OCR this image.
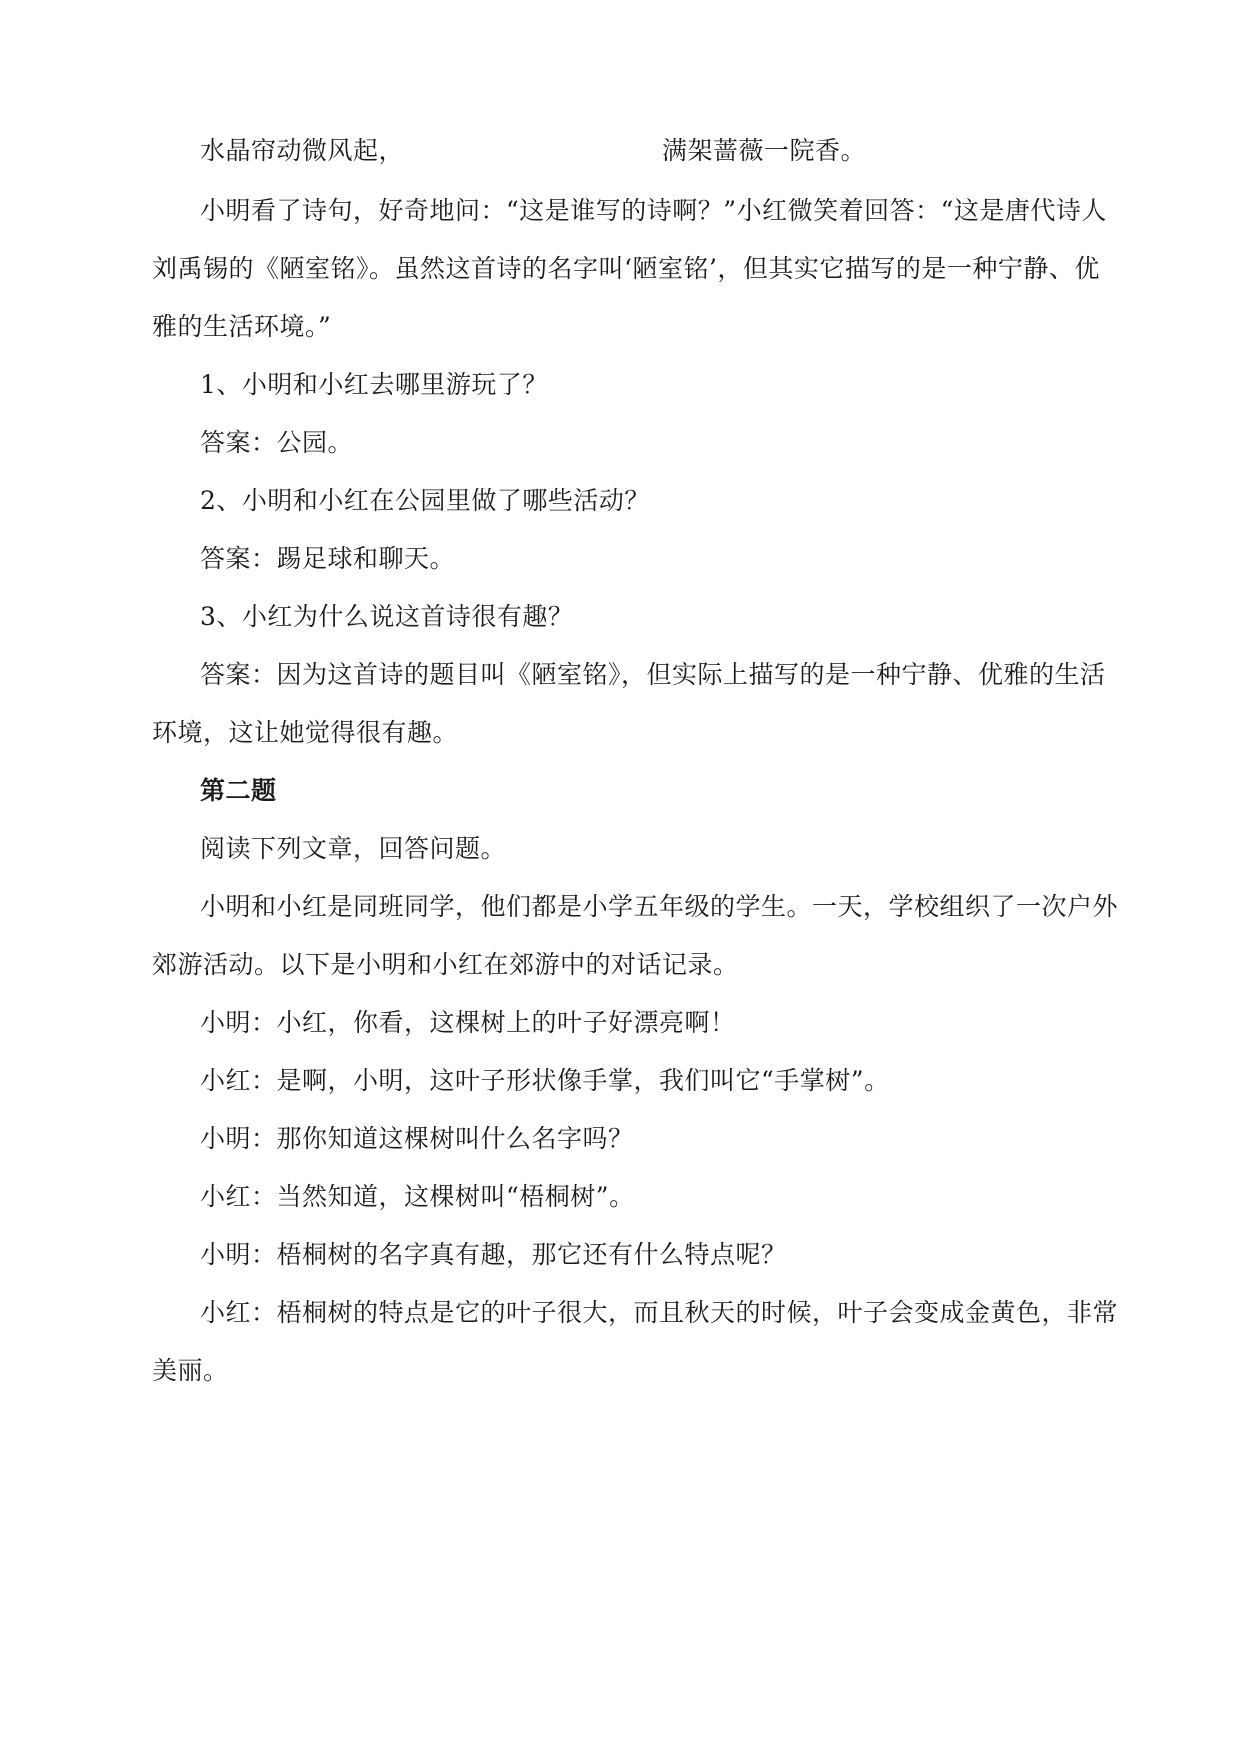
水晶帘动微风起，	满架蔷薇一院香。
小明看了诗句，好奇地问：“这是谁写的诗啊？”小红微笑着回答：“这是唐代诗人
刘禹锡的《陋室铭》。虽然这首诗的名字叫‘陋室铭’，但其实它描写的是一种宁静、优
雅的生活环境。”
1、小明和小红去哪里游玩了？
答案：公园。
2、小明和小红在公园里做了哪些活动？
答案：踢足球和聊天。
3、小红为什么说这首诗很有趣？
答案：因为这首诗的题目叫《陋室铭》，但实际上描写的是一种宁静、优雅的生活
环境，这让她觉得很有趣。
第二题
阅读下列文章，回答问题。
小明和小红是同班同学，他们都是小学五年级的学生。一天，学校组织了一次户外
郊游活动。以下是小明和小红在郊游中的对话记录。
小明：小红，你看，这棵树上的叶子好漂亮啊！
小红：是啊，小明，这叶子形状像手掌，我们叫它“手掌树”。
小明：那你知道这棵树叫什么名字吗？
小红：当然知道，这棵树叫“梧桐树”。
小明：梧桐树的名字真有趣，那它还有什么特点呢？
小红：梧桐树的特点是它的叶子很大，而且秋天的时候，叶子会变成金黄色，非常
美丽。
